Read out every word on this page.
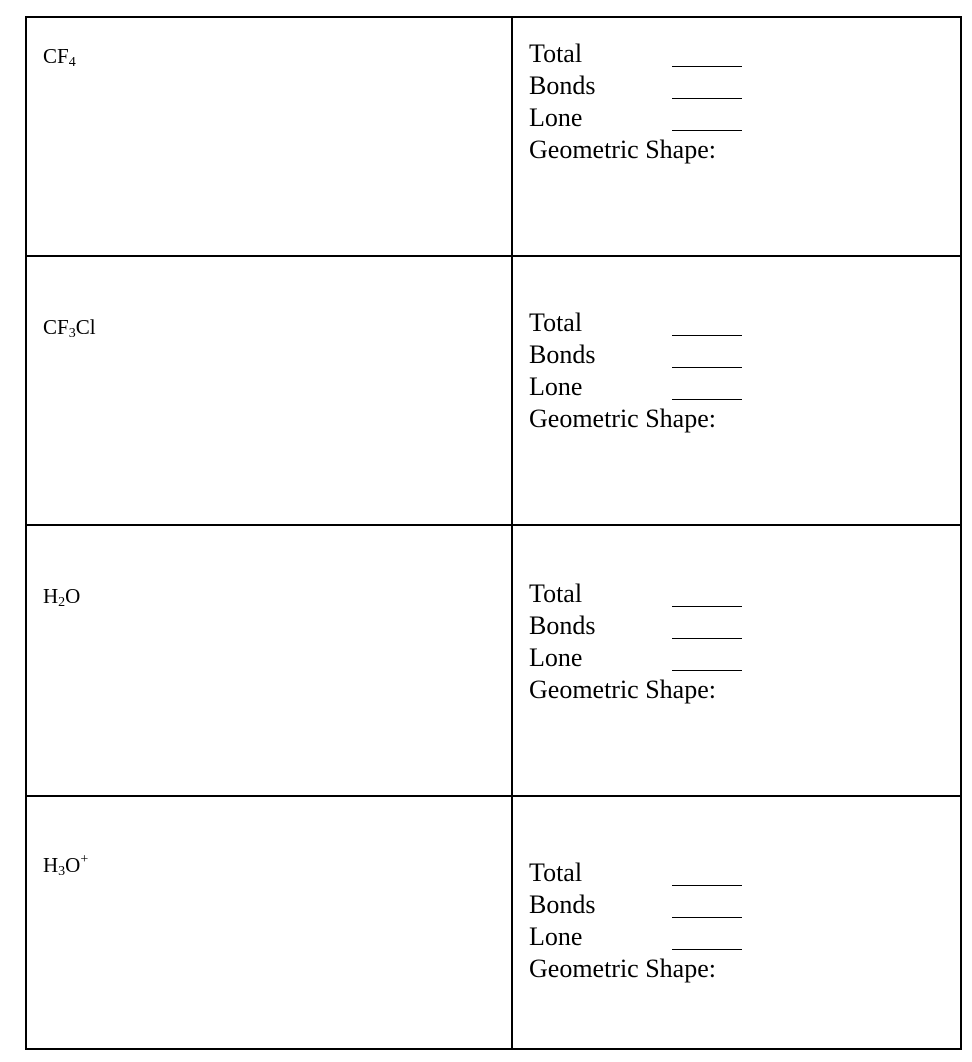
$CF_4$	Total
Bonds
Lone
Geometric Shape:
$CF_3Cl$	Total
Bonds
Lone
Geometric Shape:
$H_2O$	Total
Bonds
Lone
Geometric Shape:
$H_3O^+$	Total
Bonds
Lone
Geometric Shape:
